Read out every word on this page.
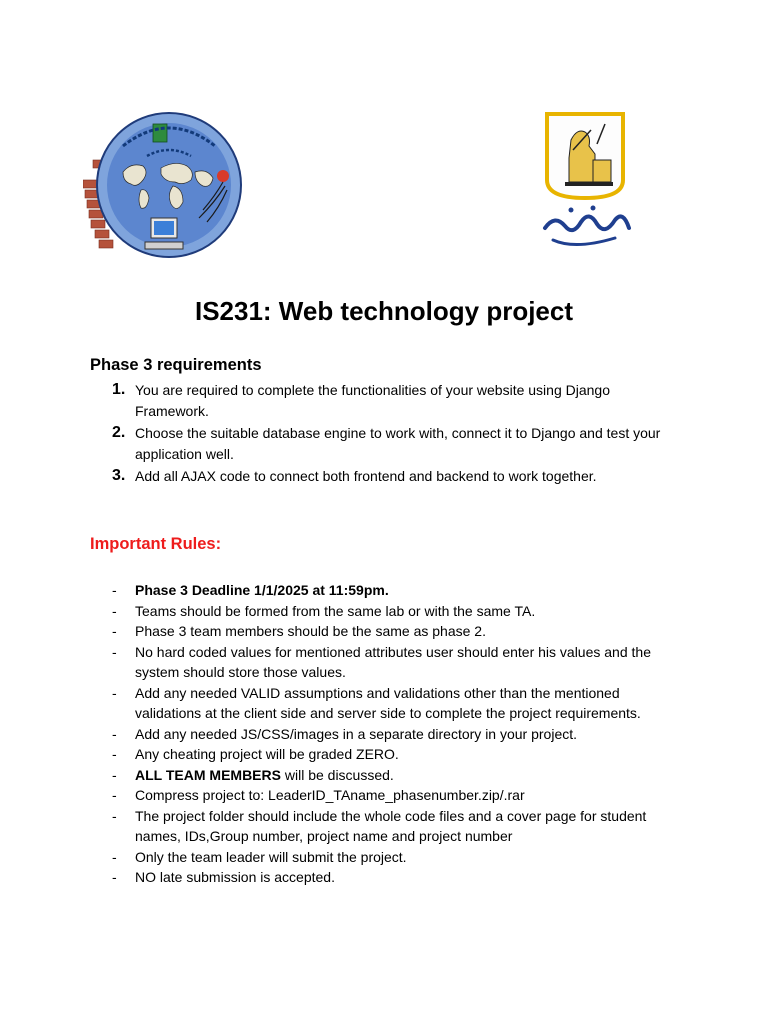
IS231: Web technology project
Phase 3 requirements
1. You are required to complete the functionalities of your website using Django Framework.
2. Choose the suitable database engine to work with, connect it to Django and test your application well.
3. Add all AJAX code to connect both frontend and backend to work together.
Important Rules:
- Phase 3 Deadline 1/1/2025 at 11:59pm.
- Teams should be formed from the same lab or with the same TA.
- Phase 3 team members should be the same as phase 2.
- No hard coded values for mentioned attributes user should enter his values and the system should store those values.
- Add any needed VALID assumptions and validations other than the mentioned validations at the client side and server side to complete the project requirements.
- Add any needed JS/CSS/images in a separate directory in your project.
- Any cheating project will be graded ZERO.
- ALL TEAM MEMBERS will be discussed.
- Compress project to: LeaderID_TAname_phasenumber.zip/.rar
- The project folder should include the whole code files and a cover page for student names, IDs,Group number, project name and project number
- Only the team leader will submit the project.
- NO late submission is accepted.
